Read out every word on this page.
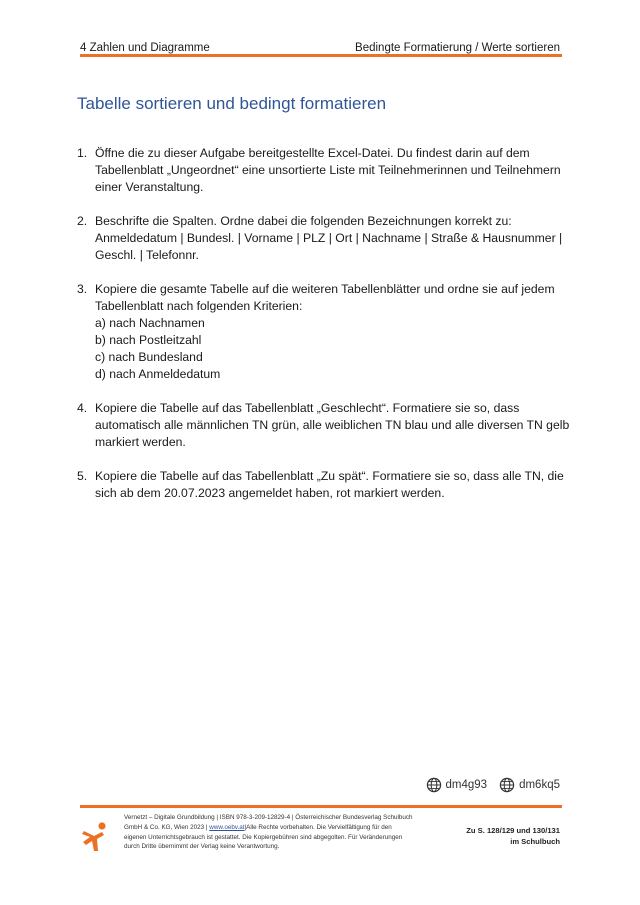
4 Zahlen und Diagramme	Bedingte Formatierung / Werte sortieren
Tabelle sortieren und bedingt formatieren
1. Öffne die zu dieser Aufgabe bereitgestellte Excel-Datei. Du findest darin auf dem
Tabellenblatt „Ungeordnet“ eine unsortierte Liste mit Teilnehmerinnen und Teilnehmern
einer Veranstaltung.
2. Beschrifte die Spalten. Ordne dabei die folgenden Bezeichnungen korrekt zu:
Anmeldedatum | Bundesl. | Vorname | PLZ | Ort | Nachname | Straße & Hausnummer |
Geschl. | Telefonnr.
3. Kopiere die gesamte Tabelle auf die weiteren Tabellenblätter und ordne sie auf jedem
Tabellenblatt nach folgenden Kriterien:
a) nach Nachnamen
b) nach Postleitzahl
c) nach Bundesland
d) nach Anmeldedatum
4. Kopiere die Tabelle auf das Tabellenblatt „Geschlecht“. Formatiere sie so, dass
automatisch alle männlichen TN grün, alle weiblichen TN blau und alle diversen TN gelb
markiert werden.
5. Kopiere die Tabelle auf das Tabellenblatt „Zu spät“. Formatiere sie so, dass alle TN, die
sich ab dem 20.07.2023 angemeldet haben, rot markiert werden.
dm4g93	dm6kq5
Vernetzt – Digitale Grundbildung | ISBN 978-3-209-12829-4 | Österreichischer Bundesverlag Schulbuch
GmbH & Co. KG, Wien 2023 | www.oebv.at|Alle Rechte vorbehalten. Die Vervielfältigung für den
eigenen Unterrichtsgebrauch ist gestattet. Die Kopiergebühren sind abgegolten. Für Veränderungen
durch Dritte übernimmt der Verlag keine Verantwortung.
Zu S. 128/129 und 130/131
im Schulbuch
